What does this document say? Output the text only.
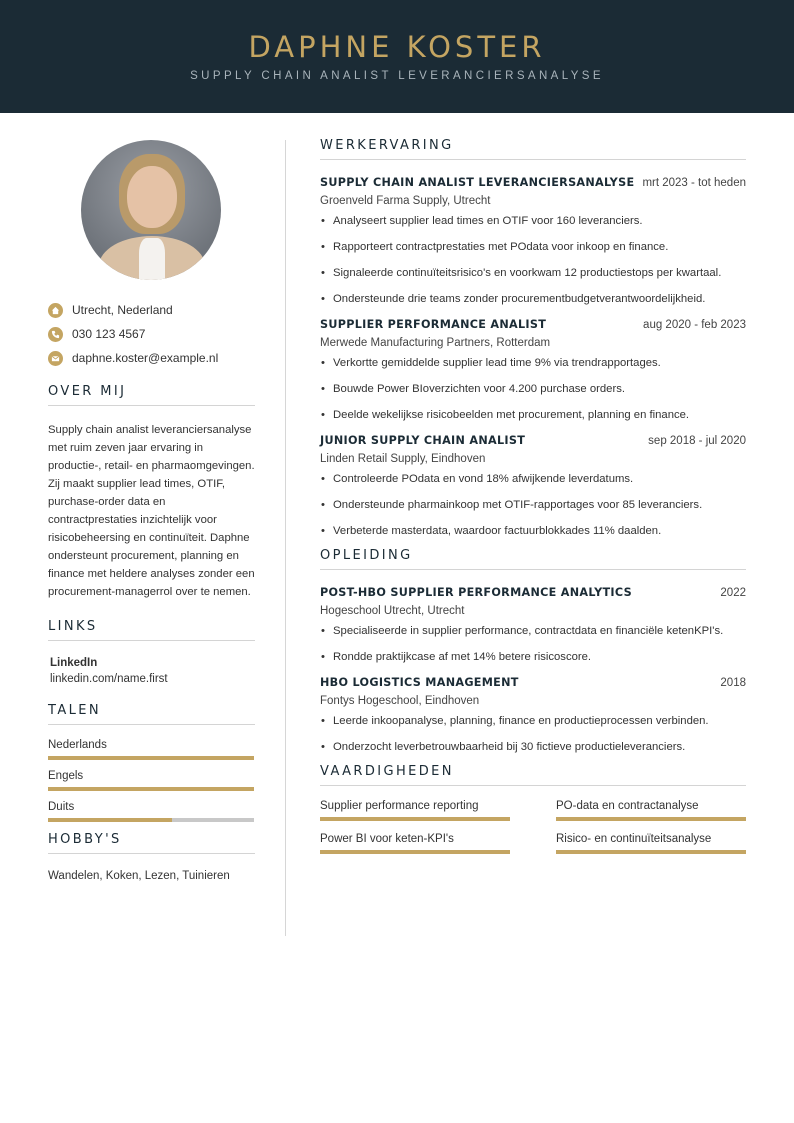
DAPHNE KOSTER
SUPPLY CHAIN ANALIST LEVERANCIERSANALYSE
Utrecht, Nederland
030 123 4567
daphne.koster@example.nl
OVER MIJ
Supply chain analist leveranciersanalyse met ruim zeven jaar ervaring in productie-, retail- en pharmaomgevingen. Zij maakt supplier lead times, OTIF, purchase-order data en contractprestaties inzichtelijk voor risicobeheersing en continuïteit. Daphne ondersteunt procurement, planning en finance met heldere analyses zonder een procurement-managerrol over te nemen.
LINKS
LinkedIn
linkedin.com/name.first
TALEN
Nederlands
Engels
Duits
HOBBY'S
Wandelen, Koken, Lezen, Tuinieren
WERKERVARING
SUPPLY CHAIN ANALIST LEVERANCIERSANALYSE mrt 2023 - tot heden
Groenveld Farma Supply, Utrecht
• Analyseert supplier lead times en OTIF voor 160 leveranciers.
• Rapporteert contractprestaties met POdata voor inkoop en finance.
• Signaleerde continuïteitsrisico's en voorkwam 12 productiestops per kwartaal.
• Ondersteunde drie teams zonder procurementbudgetverantwoordelijkheid.
SUPPLIER PERFORMANCE ANALIST	aug 2020 - feb 2023
Merwede Manufacturing Partners, Rotterdam
• Verkortte gemiddelde supplier lead time 9% via trendrapportages.
• Bouwde Power BIoverzichten voor 4.200 purchase orders.
• Deelde wekelijkse risicobeelden met procurement, planning en finance.
JUNIOR SUPPLY CHAIN ANALIST	sep 2018 - jul 2020
Linden Retail Supply, Eindhoven
• Controleerde POdata en vond 18% afwijkende leverdatums.
• Ondersteunde pharmainkoop met OTIF-rapportages voor 85 leveranciers.
• Verbeterde masterdata, waardoor factuurblokkades 11% daalden.
OPLEIDING
POST-HBO SUPPLIER PERFORMANCE ANALYTICS	2022
Hogeschool Utrecht, Utrecht
• Specialiseerde in supplier performance, contractdata en financiële ketenKPI's.
• Rondde praktijkcase af met 14% betere risicoscore.
HBO LOGISTICS MANAGEMENT	2018
Fontys Hogeschool, Eindhoven
• Leerde inkoopanalyse, planning, finance en productieprocessen verbinden.
• Onderzocht leverbetrouwbaarheid bij 30 fictieve productieleveranciers.
VAARDIGHEDEN
Supplier performance reporting	PO-data en contractanalyse
Power BI voor keten-KPI's	Risico- en continuïteitsanalyse
